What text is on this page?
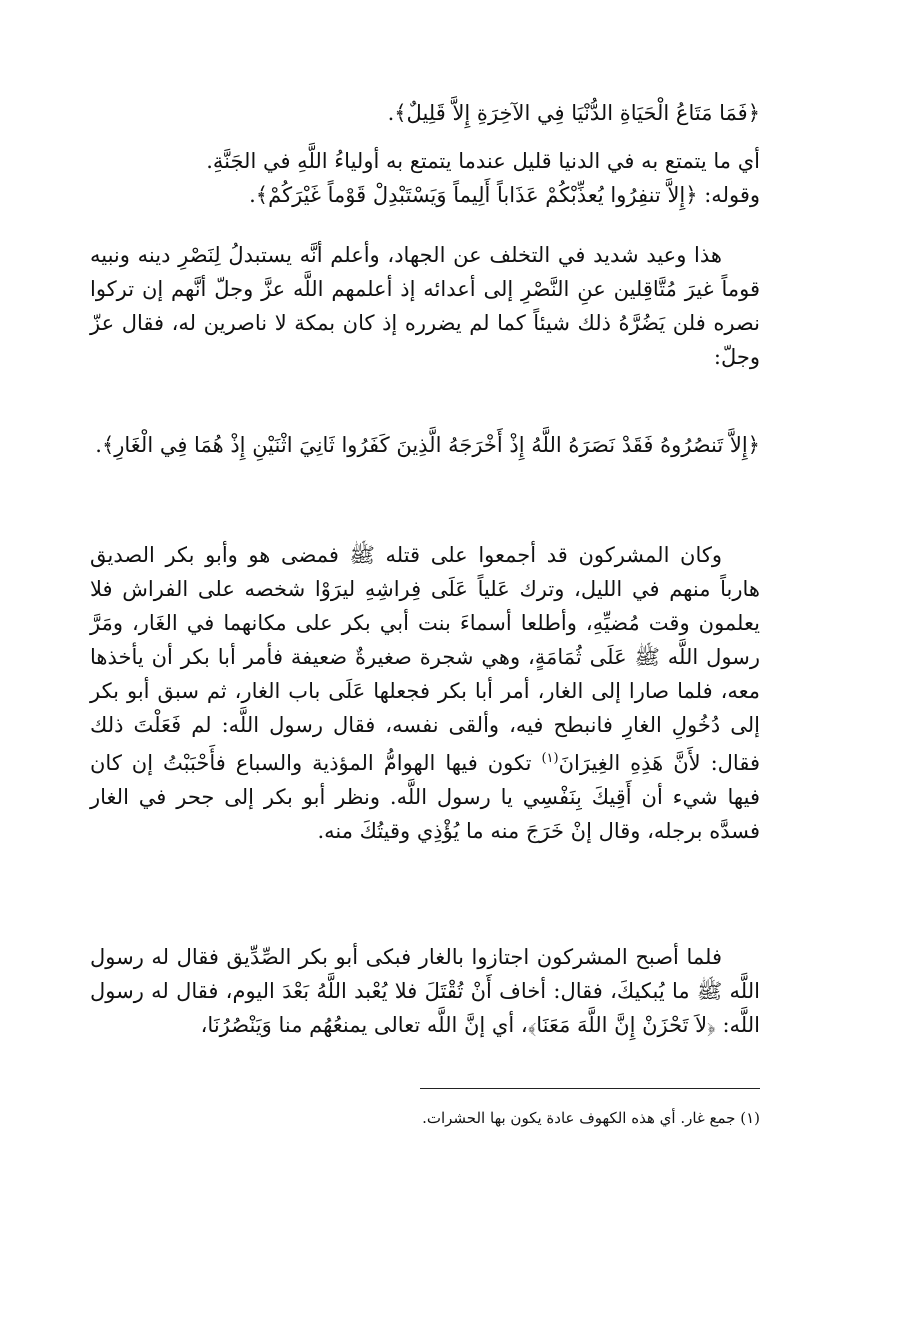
﴿فَمَا مَتَاعُ الْحَيَاةِ الدُّنْيَا فِي الآخِرَةِ إِلاَّ قَلِيلٌ﴾.

أي ما يتمتع به في الدنيا قليل عندما يتمتع به أولياءُ اللَّهِ في الجَنَّةِ.

وقوله: ﴿إِلاَّ تنفِرُوا يُعذِّبْكُمْ عَذَاباً أَلِيماً وَيَسْتَبْدِلْ قَوْماً غَيْرَكُمْ﴾.

هذا وعيد شديد في التخلف عن الجهاد، وأعلم أنَّه يستبدلُ لِنَصْرِ دينه ونبيه قوماً غيرَ مُتَّاقِلين عنِ النَّصْرِ إلى أعدائه إذ أعلمهم اللَّه عزَّ وجلّ أنَّهم إن تركوا نصره فلن يَضُرَّهُ ذلك شيئاً كما لم يضرره إذ كان بمكة لا ناصرين له، فقال عزّ وجلّ:

﴿إِلاَّ تَنصُرُوهُ فَقَدْ نَصَرَهُ اللَّهُ إِذْ أَخْرَجَهُ الَّذِينَ كَفَرُوا ثَانِيَ اثْنَيْنِ إِذْ هُمَا فِي الْغَارِ﴾.

وكان المشركون قد أجمعوا على قتله ﷺ فمضى هو وأبو بكر الصديق هارباً منهم في الليل، وترك عَلياً عَلَى فِراشِهِ ليرَوْا شخصه على الفراش فلا يعلمون وقت مُضيِّهِ، وأطلعا أسماءَ بنت أبي بكر على مكانهما في الغَار، ومَرَّ رسول اللَّه ﷺ عَلَى ثُمَامَةٍ، وهي شجرة صغيرةٌ ضعيفة فأمر أبا بكر أن يأخذها معه، فلما صارا إلى الغار، أمر أبا بكر فجعلها عَلَى باب الغار، ثم سبق أبو بكر إلى دُخُولِ الغارِ فانبطح فيه، وألقى نفسه، فقال رسول اللَّه: لم فَعَلْتَ ذلك فقال: لأَنَّ هَذِهِ الغِيرَانَ$^{(١)}$ تكون فيها الهوامُّ المؤذية والسباع فأَحْبَبْتُ إن كان فيها شيء أن أَقِيكَ بِنَفْسِي يا رسول اللَّه. ونظر أبو بكر إلى جحر في الغار فسدَّه برجله، وقال إنْ خَرَجَ منه ما يُؤْذِي وقيتُكَ منه.

فلما أصبح المشركون اجتازوا بالغار فبكى أبو بكر الصِّدِّيق فقال له رسول اللَّه ﷺ ما يُبكيكَ، فقال: أخاف أَنْ تُقْتَلَ فلا يُعْبد اللَّهُ بَعْدَ اليوم، فقال له رسول اللَّه: ﴿لاَ تَحْزَنْ إِنَّ اللَّهَ مَعَنَا﴾، أي إنَّ اللَّه تعالى يمنعُهُم منا وَيَنْصُرُنَا،

(١) جمع غار. أي هذه الكهوف عادة يكون بها الحشرات.
